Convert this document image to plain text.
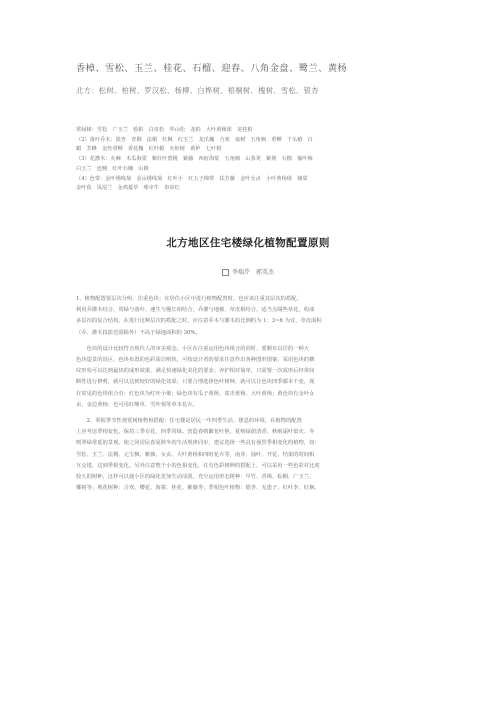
香樟、雪松、玉兰、桂花、石榴、迎春、八角金盘、鹭兰、黄杨
北方：松树、柏树、罗汉松、杨柳、白桦树、梧桐树、槐树、雪松、银杏
常绿树：雪松　广玉兰　桧柏　白皮松　华山松　龙柏　大叶黄杨球　龙桂柏
（2）落叶乔木：银杏　青桐　法桐　红枫　红玉兰　龙爪槐　合欢　栾树　五角枫　垂柳　千头椿　白
蜡　芳蜂　金丝垂柳　香花槐　红叶椿　火炬树　黄栌　七叶树
（3）花灌木：火棘　木瓜海棠　紫红叶碧桃　紫藤　西府海棠　五角枫　山茶荚　紫荆　石榴　榆叶梅
白玉兰　连翘　红叶石楠　山楂
（4）色带：金叶绣线菊　金山绣线菊　红叶小　红五子锦带　扶芳藤　金叶女贞　小叶黄杨球　棣棠
金叶获　凤尾兰　金鸡蔓草　啄牵牛　串串红
北方地区住宅楼绿化植物配置原则
李瑞芹　郭英杰
1、植物配置要层次分明、注重色块；在居住小区中进行植物配置时，也应该注重其层次的搭配，
利用乔灌木结合，常绿与落叶、速生与慢长相结合，乔灌与地被、草皮相结合，适当点缀些草花，构成
多层次的复合结构，在进行这种层次的搭配之时，应注意乔木与灌木的比例约为 1：3~6 为宜，草皮面积
（乔、灌木投影范围除外）不高于绿地面积的 30%。
　　色块的设计比较符合现代人的审美观念。小区在注重运用色块组合的同时，要颇有以往的一种大
色块造景的误区，色块布置的色彩需洁明快，可按设计者的要求任意作出各种图形图案；采用色块的横
纹形状可以达到最快的成形效果，满足快速绿化美化的要求；养护相对简单，只需要一次成形后经常间
断性进行修剪，就可以达到较好的绿化效果；只要合理选择色叶树种，就可以让色块四季都本不变，现
在常见的色块组合有：红色块为红叶小檗；绿色块有瓜子黄杨、雀舌黄杨、大叶黄杨；黄色块有金叶女
贞、金边黄杨；也可用红继草、雪叶菊等草本花卉。
　　2、掌握季节性观赏树植物相搭配：住宅楼是居民一年四季生活、憩息的环境，在植物的配置
上应考虑季相变化，保持三季有花，四季常绿。营造春则繁花叶艳、夏则绿荫清香、秋则霜叶似火、冬
则翠绿常延的景观，使之同居民春夏秋冬的生活规律同步，建议选择一些具有强烈季相变化的植物，如：
雪松、玉兰、法桐、元宝枫、紫薇、女贞、大叶黄杨和四时花卉等，南芽、抽叶、开花、结果的时间相
互交错，达到季相变化，另外注意整个小的色相变化，在有色彩树种的搭配上，可以采用一些色彩对比度
较大的树种，这样可以使小区的绿化更加生动活泼，充分运用形态树种：早竹、香樟、棕榈、广玉兰、
椰树等；观花树种：合欢、樱花、海棠、桂花、紫薇等；季相色叶植物：银杏、无患子、红叶李、红枫、
